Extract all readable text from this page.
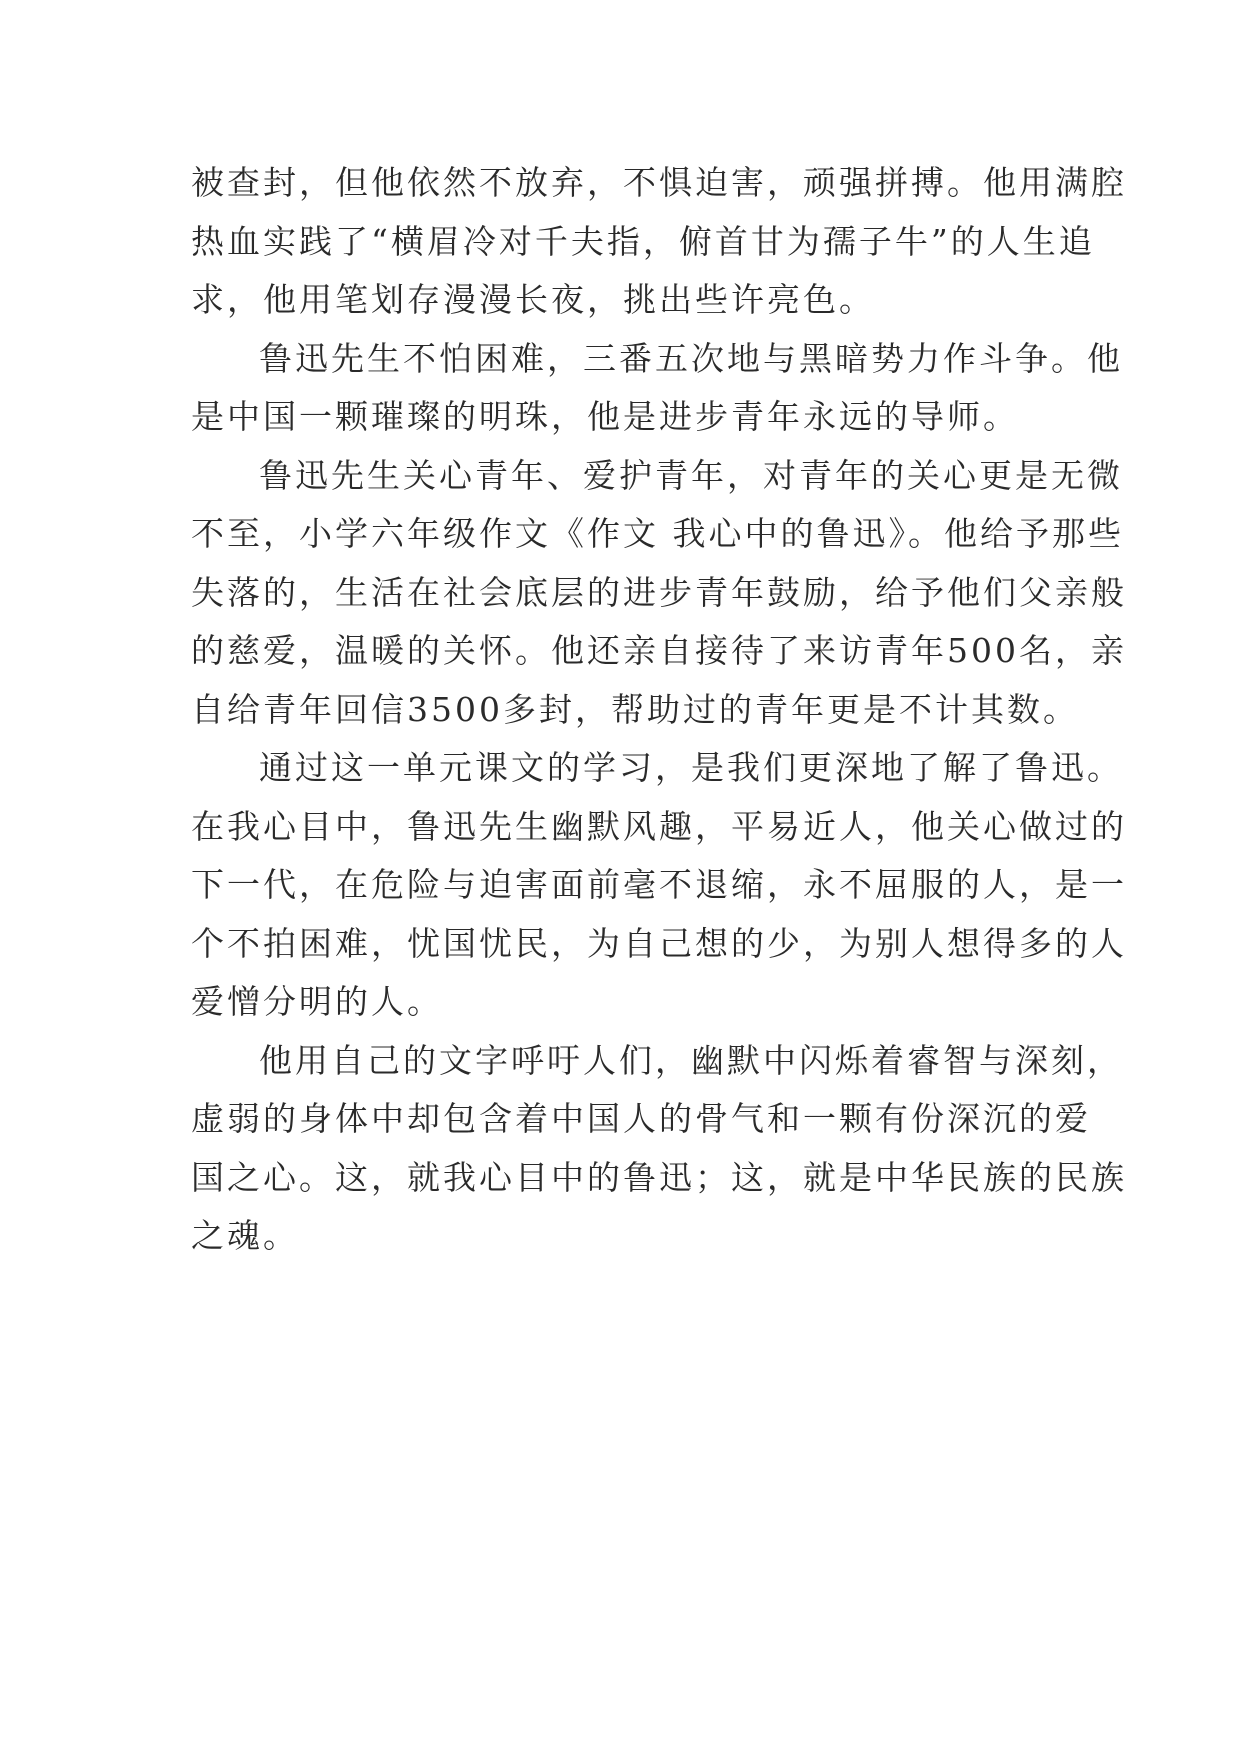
被查封，但他依然不放弃，不惧迫害，顽强拼搏。他用满腔
热血实践了“横眉冷对千夫指，俯首甘为孺子牛”的人生追
求，他用笔划存漫漫长夜，挑出些许亮色。
鲁迅先生不怕困难，三番五次地与黑暗势力作斗争。他
是中国一颗璀璨的明珠，他是进步青年永远的导师。
鲁迅先生关心青年、爱护青年，对青年的关心更是无微
不至，小学六年级作文《作文 我心中的鲁迅》。他给予那些
失落的，生活在社会底层的进步青年鼓励，给予他们父亲般
的慈爱，温暖的关怀。他还亲自接待了来访青年500名，亲
自给青年回信3500多封，帮助过的青年更是不计其数。
通过这一单元课文的学习，是我们更深地了解了鲁迅。
在我心目中，鲁迅先生幽默风趣，平易近人，他关心做过的
下一代，在危险与迫害面前毫不退缩，永不屈服的人，是一
个不拍困难，忧国忧民，为自己想的少，为别人想得多的人
爱憎分明的人。
他用自己的文字呼吁人们，幽默中闪烁着睿智与深刻，
虚弱的身体中却包含着中国人的骨气和一颗有份深沉的爱
国之心。这，就我心目中的鲁迅；这，就是中华民族的民族
之魂。
